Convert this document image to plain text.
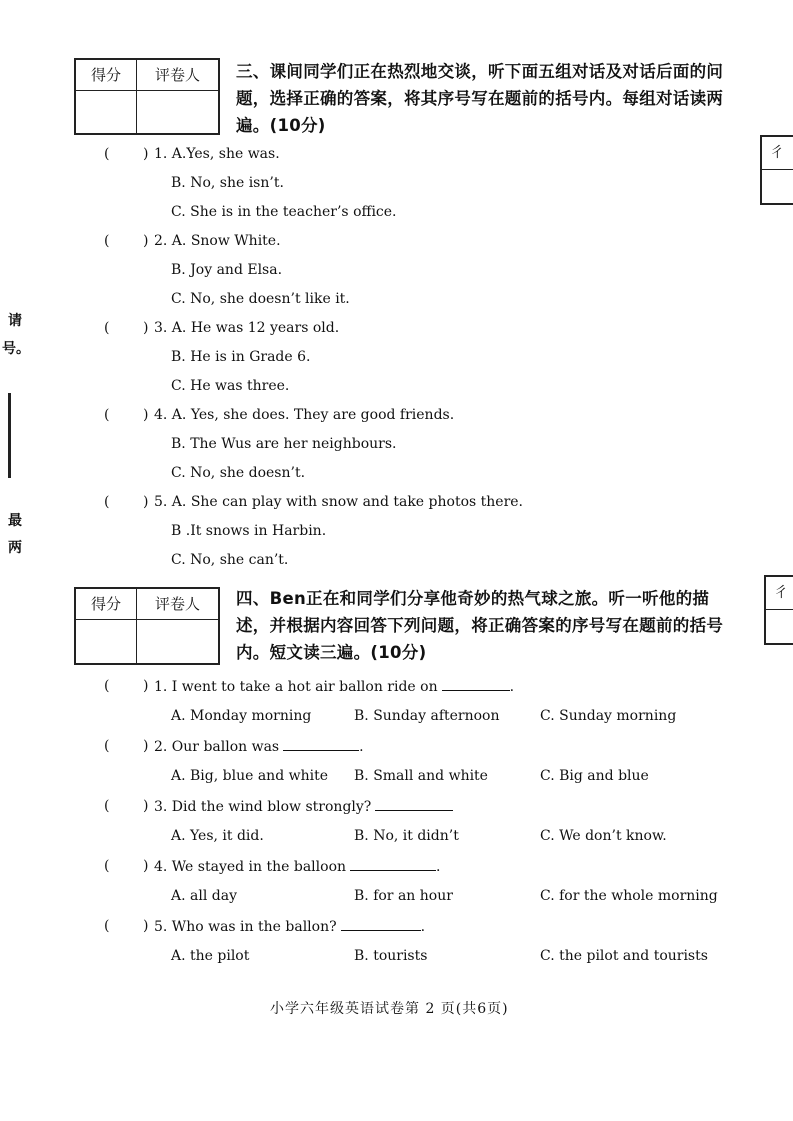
得分	评卷人
	三、课间同学们正在热烈地交谈，听下面五组对话及对话后面的问题，选择正确的答案，将其序号写在题前的括号内。每组对话读两遍。(10分)
( ) 1. A.Yes, she was.
B. No, she isn’t.
C. She is in the teacher’s office.
( ) 2. A. Snow White.
B. Joy and Elsa.
C. No, she doesn’t like it.
( ) 3. A. He was 12 years old.
B. He is in Grade 6.
C. He was three.
( ) 4. A. Yes, she does. They are good friends.
B. The Wus are her neighbours.
C. No, she doesn’t.
( ) 5. A. She can play with snow and take photos there.
B .It snows in Harbin.
C. No, she can’t.
得分	评卷人
	四、Ben正在和同学们分享他奇妙的热气球之旅。听一听他的描述，并根据内容回答下列问题，将正确答案的序号写在题前的括号内。短文读三遍。(10分)
( ) 1. I went to take a hot air ballon ride on	.
A. Monday morning	B. Sunday afternoon	C. Sunday morning
( ) 2. Our ballon was	.
A. Big, blue and white B. Small and white	C. Big and blue
( ) 3. Did the wind blow strongly?
A. Yes, it did.	B. No, it didn’t	C. We don’t know.
( ) 4. We stayed in the balloon	.
A. all day	B. for an hour	C. for the whole morning
( ) 5. Who was in the ballon?	.
A. the pilot	B. tourists	C. the pilot and tourists
请
号。
最
两
彳
彳
小学六年级英语试卷第 2 页(共6页)
